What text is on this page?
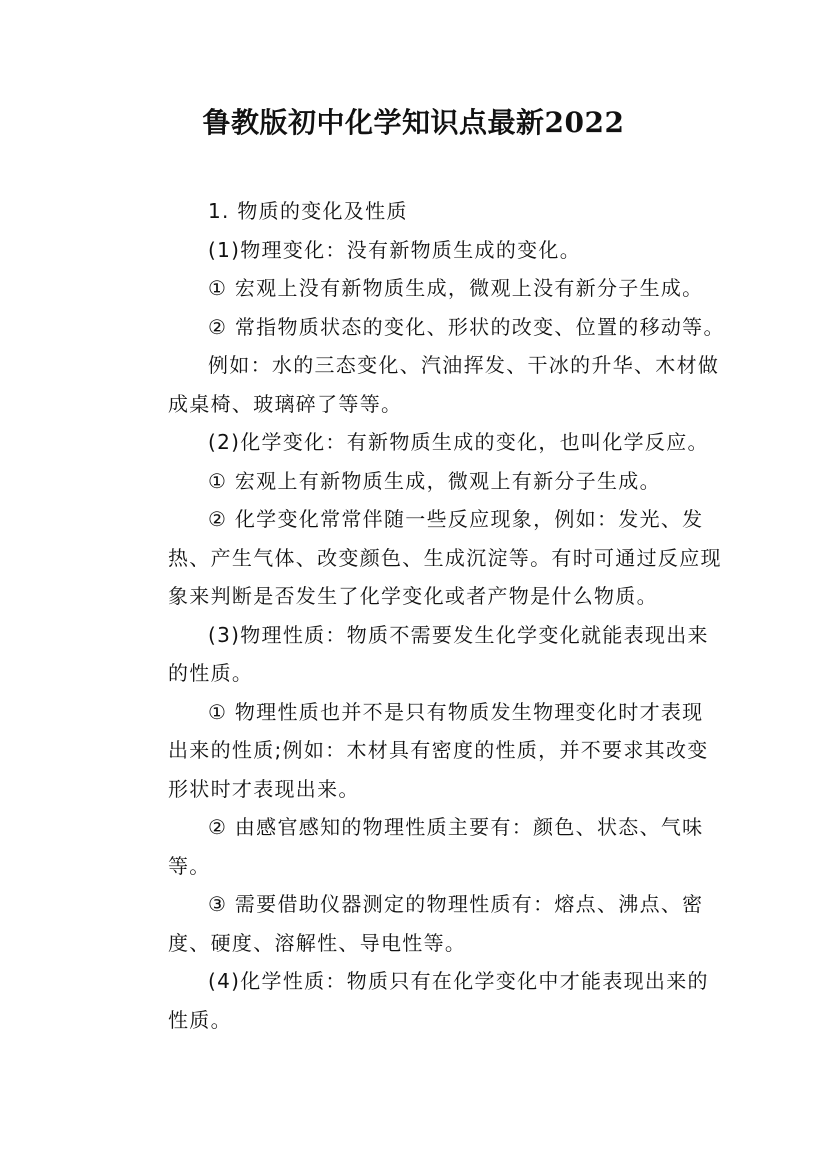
鲁教版初中化学知识点最新2022
1. 物质的变化及性质
(1)物理变化：没有新物质生成的变化。
① 宏观上没有新物质生成，微观上没有新分子生成。
② 常指物质状态的变化、形状的改变、位置的移动等。
例如：水的三态变化、汽油挥发、干冰的升华、木材做
成桌椅、玻璃碎了等等。
(2)化学变化：有新物质生成的变化，也叫化学反应。
① 宏观上有新物质生成，微观上有新分子生成。
② 化学变化常常伴随一些反应现象，例如：发光、发
热、产生气体、改变颜色、生成沉淀等。有时可通过反应现
象来判断是否发生了化学变化或者产物是什么物质。
(3)物理性质：物质不需要发生化学变化就能表现出来
的性质。
① 物理性质也并不是只有物质发生物理变化时才表现
出来的性质;例如：木材具有密度的性质，并不要求其改变
形状时才表现出来。
② 由感官感知的物理性质主要有：颜色、状态、气味
等。
③ 需要借助仪器测定的物理性质有：熔点、沸点、密
度、硬度、溶解性、导电性等。
(4)化学性质：物质只有在化学变化中才能表现出来的
性质。
